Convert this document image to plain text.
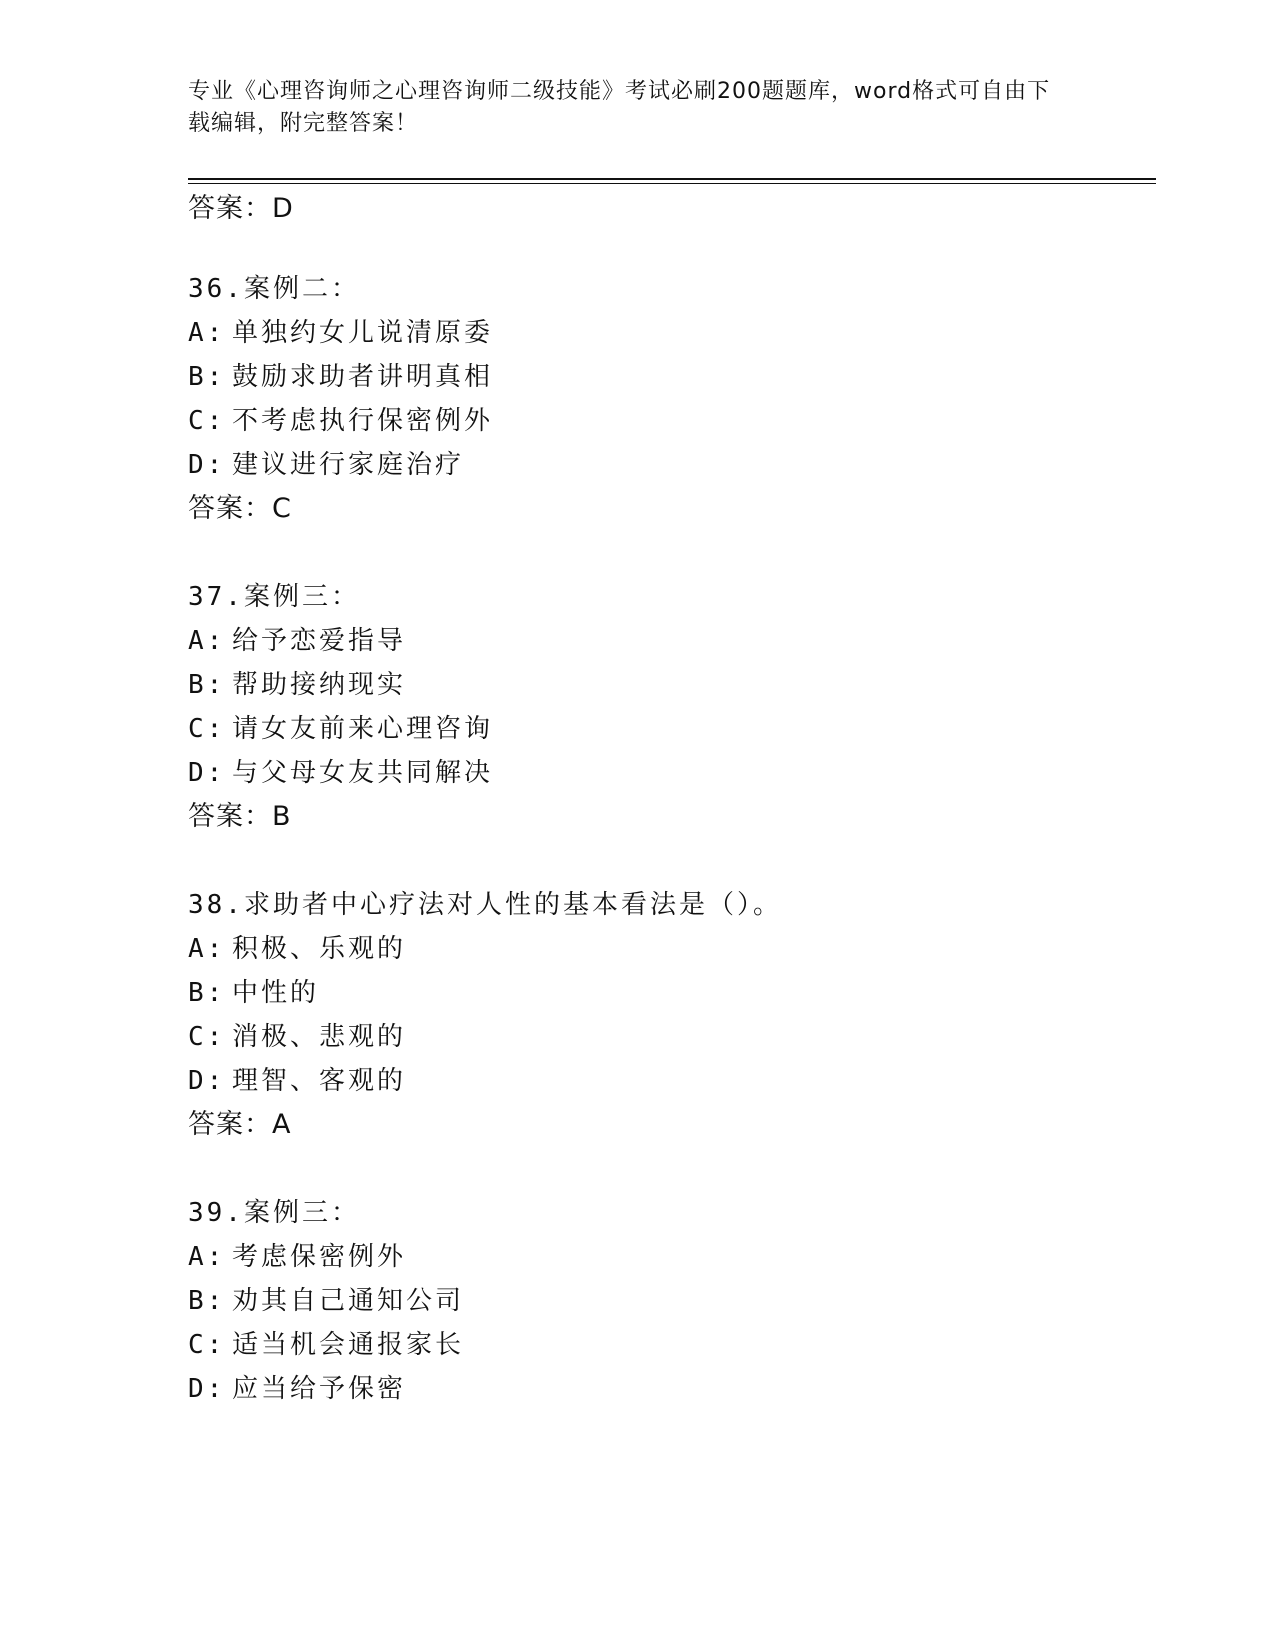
专业《心理咨询师之心理咨询师二级技能》考试必刷200题题库，word格式可自由下载编辑，附完整答案！
答案：D
36.案例二：
A: 单独约女儿说清原委
B: 鼓励求助者讲明真相
C: 不考虑执行保密例外
D: 建议进行家庭治疗
答案：C
37.案例三：
A: 给予恋爱指导
B: 帮助接纳现实
C: 请女友前来心理咨询
D: 与父母女友共同解决
答案：B
38.求助者中心疗法对人性的基本看法是（）。
A: 积极、乐观的
B: 中性的
C: 消极、悲观的
D: 理智、客观的
答案：A
39.案例三：
A: 考虑保密例外
B: 劝其自己通知公司
C: 适当机会通报家长
D: 应当给予保密
